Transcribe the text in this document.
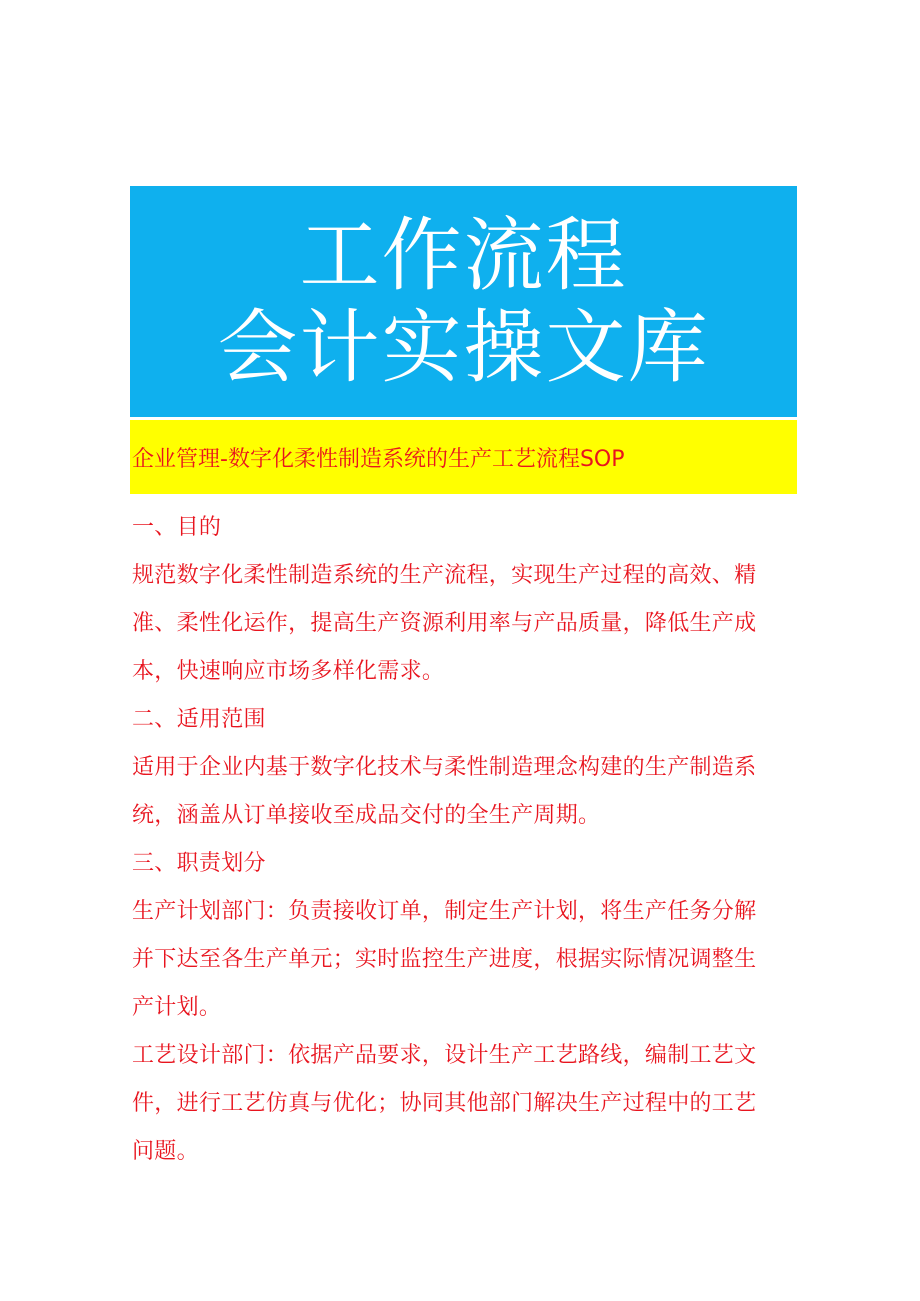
工作流程
会计实操文库
企业管理-数字化柔性制造系统的生产工艺流程SOP
一、目的
规范数字化柔性制造系统的生产流程，实现生产过程的高效、精
准、柔性化运作，提高生产资源利用率与产品质量，降低生产成
本，快速响应市场多样化需求。
二、适用范围
适用于企业内基于数字化技术与柔性制造理念构建的生产制造系
统，涵盖从订单接收至成品交付的全生产周期。
三、职责划分
生产计划部门：负责接收订单，制定生产计划，将生产任务分解
并下达至各生产单元；实时监控生产进度，根据实际情况调整生
产计划。
工艺设计部门：依据产品要求，设计生产工艺路线，编制工艺文
件，进行工艺仿真与优化；协同其他部门解决生产过程中的工艺
问题。
